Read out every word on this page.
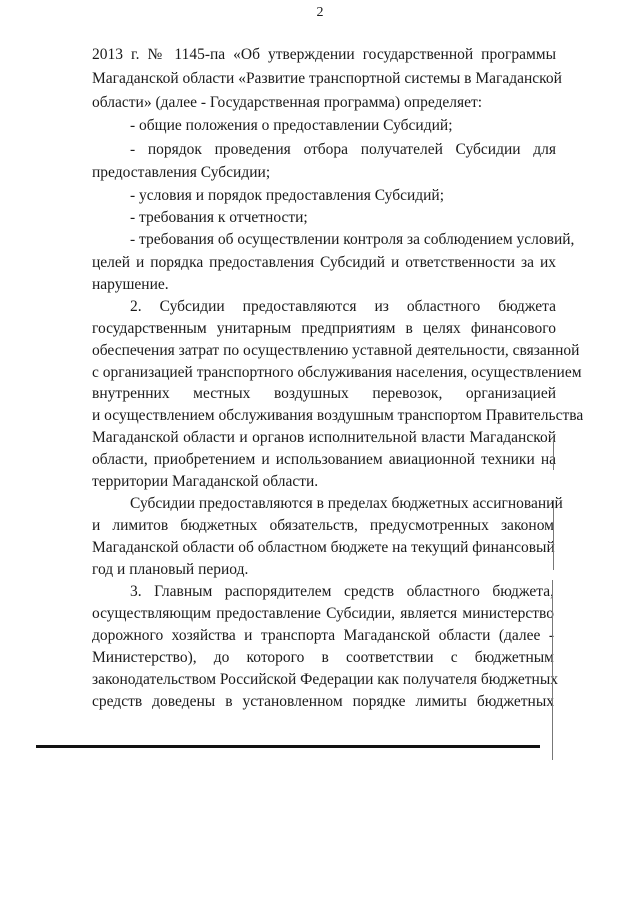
2
2013 г. № 1145-па «Об утверждении государственной программы
Магаданской области «Развитие транспортной системы в Магаданской
области» (далее - Государственная программа) определяет:
- общие положения о предоставлении Субсидий;
- порядок проведения отбора получателей Субсидии для
предоставления Субсидии;
- условия и порядок предоставления Субсидий;
- требования к отчетности;
- требования об осуществлении контроля за соблюдением условий,
целей и порядка предоставления Субсидий и ответственности за их
нарушение.
2. Субсидии предоставляются из областного бюджета
государственным унитарным предприятиям в целях финансового
обеспечения затрат по осуществлению уставной деятельности, связанной
с организацией транспортного обслуживания населения, осуществлением
внутренних местных воздушных перевозок, организацией
и осуществлением обслуживания воздушным транспортом Правительства
Магаданской области и органов исполнительной власти Магаданской
области, приобретением и использованием авиационной техники на
территории Магаданской области.
Субсидии предоставляются в пределах бюджетных ассигнований
и лимитов бюджетных обязательств, предусмотренных законом
Магаданской области об областном бюджете на текущий финансовый
год и плановый период.
3. Главным распорядителем средств областного бюджета,
осуществляющим предоставление Субсидии, является министерство
дорожного хозяйства и транспорта Магаданской области (далее -
Министерство), до которого в соответствии с бюджетным
законодательством Российской Федерации как получателя бюджетных
средств доведены в установленном порядке лимиты бюджетных
